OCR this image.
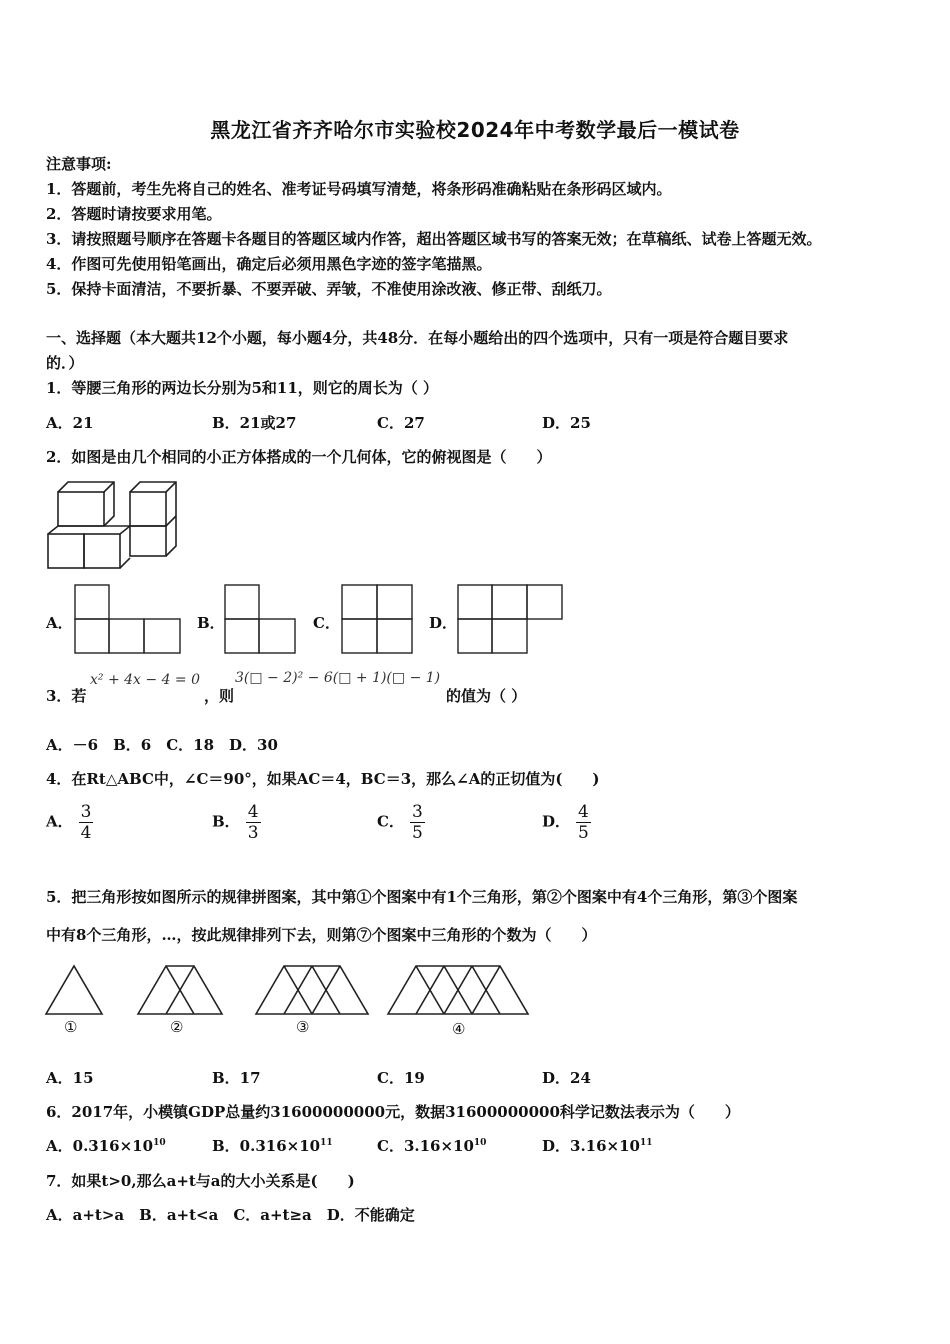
黑龙江省齐齐哈尔市实验校2024年中考数学最后一模试卷
注意事项:
1．答题前，考生先将自己的姓名、准考证号码填写清楚，将条形码准确粘贴在条形码区域内。
2．答题时请按要求用笔。
3．请按照题号顺序在答题卡各题目的答题区域内作答，超出答题区域书写的答案无效；在草稿纸、试卷上答题无效。
4．作图可先使用铅笔画出，确定后必须用黑色字迹的签字笔描黑。
5．保持卡面清洁，不要折暴、不要弄破、弄皱，不准使用涂改液、修正带、刮纸刀。
一、选择题（本大题共12个小题，每小题4分，共48分．在每小题给出的四个选项中，只有一项是符合题目要求
的．）
1．等腰三角形的两边长分别为5和11，则它的周长为（ ）
A．21	B．21或27	C．27	D．25
2．如图是由几个相同的小正方体搭成的一个几何体，它的俯视图是（　　）
A．	B．	C．	D．
3．若
x² + 4x − 4 = 0
，则
3(□ − 2)² − 6(□ + 1)(□ − 1)
的值为（ ）
A．－6　B．6　C．18　D．30
4．在Rt△ABC中，∠C＝90°，如果AC＝4，BC＝3，那么∠A的正切值为(　　)
A． $\frac{3}{4}$	B． $\frac{4}{3}$	C． $\frac{3}{5}$	D． $\frac{4}{5}$
5．把三角形按如图所示的规律拼图案，其中第①个图案中有1个三角形，第②个图案中有4个三角形，第③个图案
中有8个三角形，…，按此规律排列下去，则第⑦个图案中三角形的个数为（　　）
①	②	③	④
A．15	B．17	C．19	D．24
6．2017年，小模镇GDP总量约31600000000元，数据31600000000科学记数法表示为（　　）
A．$0.316\times 10^{10}$	B．$0.316\times 10^{11}$	C．$3.16\times 10^{10}$	D．$3.16\times 10^{11}$
7．如果t>0,那么a+t与a的大小关系是(　　)
A．a+t>a　B．a+t<a　C．a+t≥a　D．不能确定
